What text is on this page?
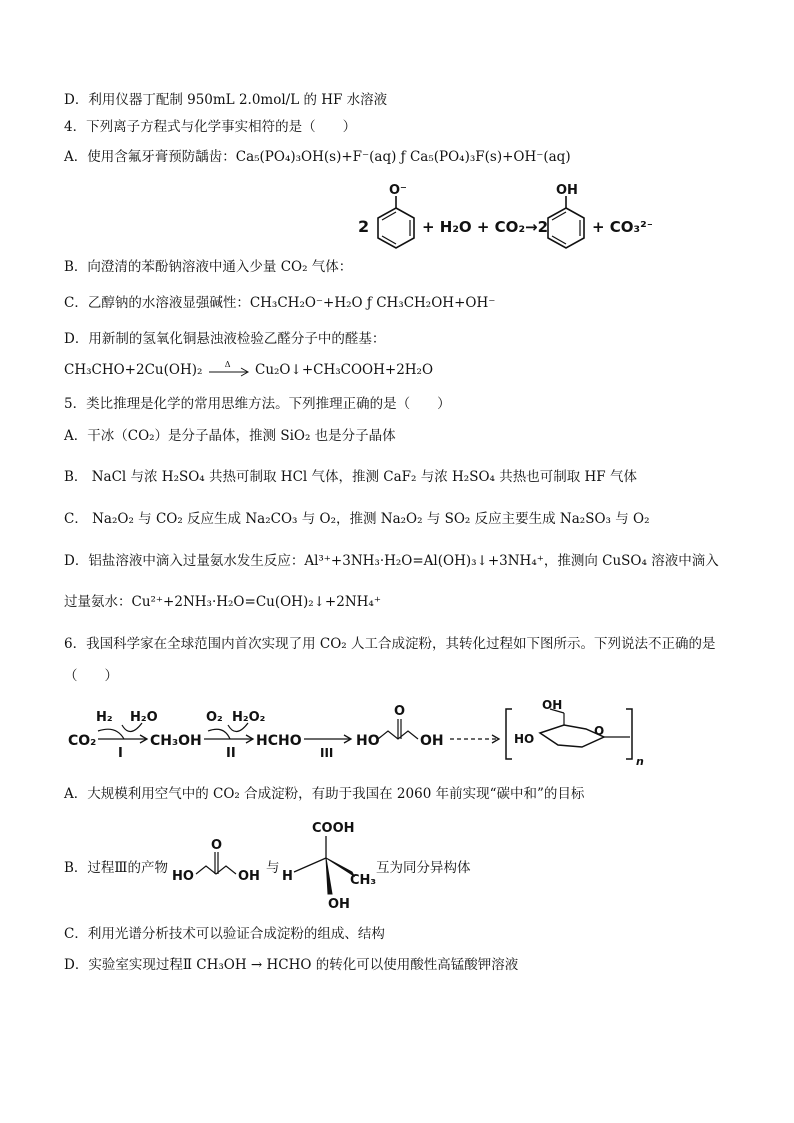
D．利用仪器丁配制 950mL 2.0mol/L 的 HF 水溶液
4．下列离子方程式与化学事实相符的是（　　）
A．使用含氟牙膏预防龋齿：Ca₅(PO₄)₃OH(s)+F⁻(aq) ƒ Ca₅(PO₄)₃F(s)+OH⁻(aq)
2
O⁻
+ H₂O + CO₂→2
OH
+ CO₃²⁻
B．向澄清的苯酚钠溶液中通入少量 CO₂ 气体：
C．乙醇钠的水溶液显强碱性：CH₃CH₂O⁻+H₂O ƒ CH₃CH₂OH+OH⁻
D．用新制的氢氧化铜悬浊液检验乙醛分子中的醛基：
CH₃CHO+2Cu(OH)₂	Δ Cu₂O↓+CH₃COOH+2H₂O
5．类比推理是化学的常用思维方法。下列推理正确的是（　　）
A．干冰（CO₂）是分子晶体，推测 SiO₂ 也是分子晶体
B． NaCl 与浓 H₂SO₄ 共热可制取 HCl 气体，推测 CaF₂ 与浓 H₂SO₄ 共热也可制取 HF 气体
C． Na₂O₂ 与 CO₂ 反应生成 Na₂CO₃ 与 O₂，推测 Na₂O₂ 与 SO₂ 反应主要生成 Na₂SO₃ 与 O₂
D．铝盐溶液中滴入过量氨水发生反应：Al³⁺+3NH₃·H₂O=Al(OH)₃↓+3NH₄⁺，推测向 CuSO₄ 溶液中滴入
过量氨水：Cu²⁺+2NH₃·H₂O=Cu(OH)₂↓+2NH₄⁺
6．我国科学家在全球范围内首次实现了用 CO₂ 人工合成淀粉，其转化过程如下图所示。下列说法不正确的是
（　　）
CO₂
H₂ H₂O
I
CH₃OH
O₂ H₂O₂
II
HCHO
III
HO
O
OH	HO
OH
O
n
A．大规模利用空气中的 CO₂ 合成淀粉，有助于我国在 2060 年前实现“碳中和”的目标
B．过程Ⅲ的产物
HO
O
OH
与
COOH
H	CH₃
OH
互为同分异构体
C．利用光谱分析技术可以验证合成淀粉的组成、结构
D．实验室实现过程Ⅱ CH₃OH → HCHO 的转化可以使用酸性高锰酸钾溶液
